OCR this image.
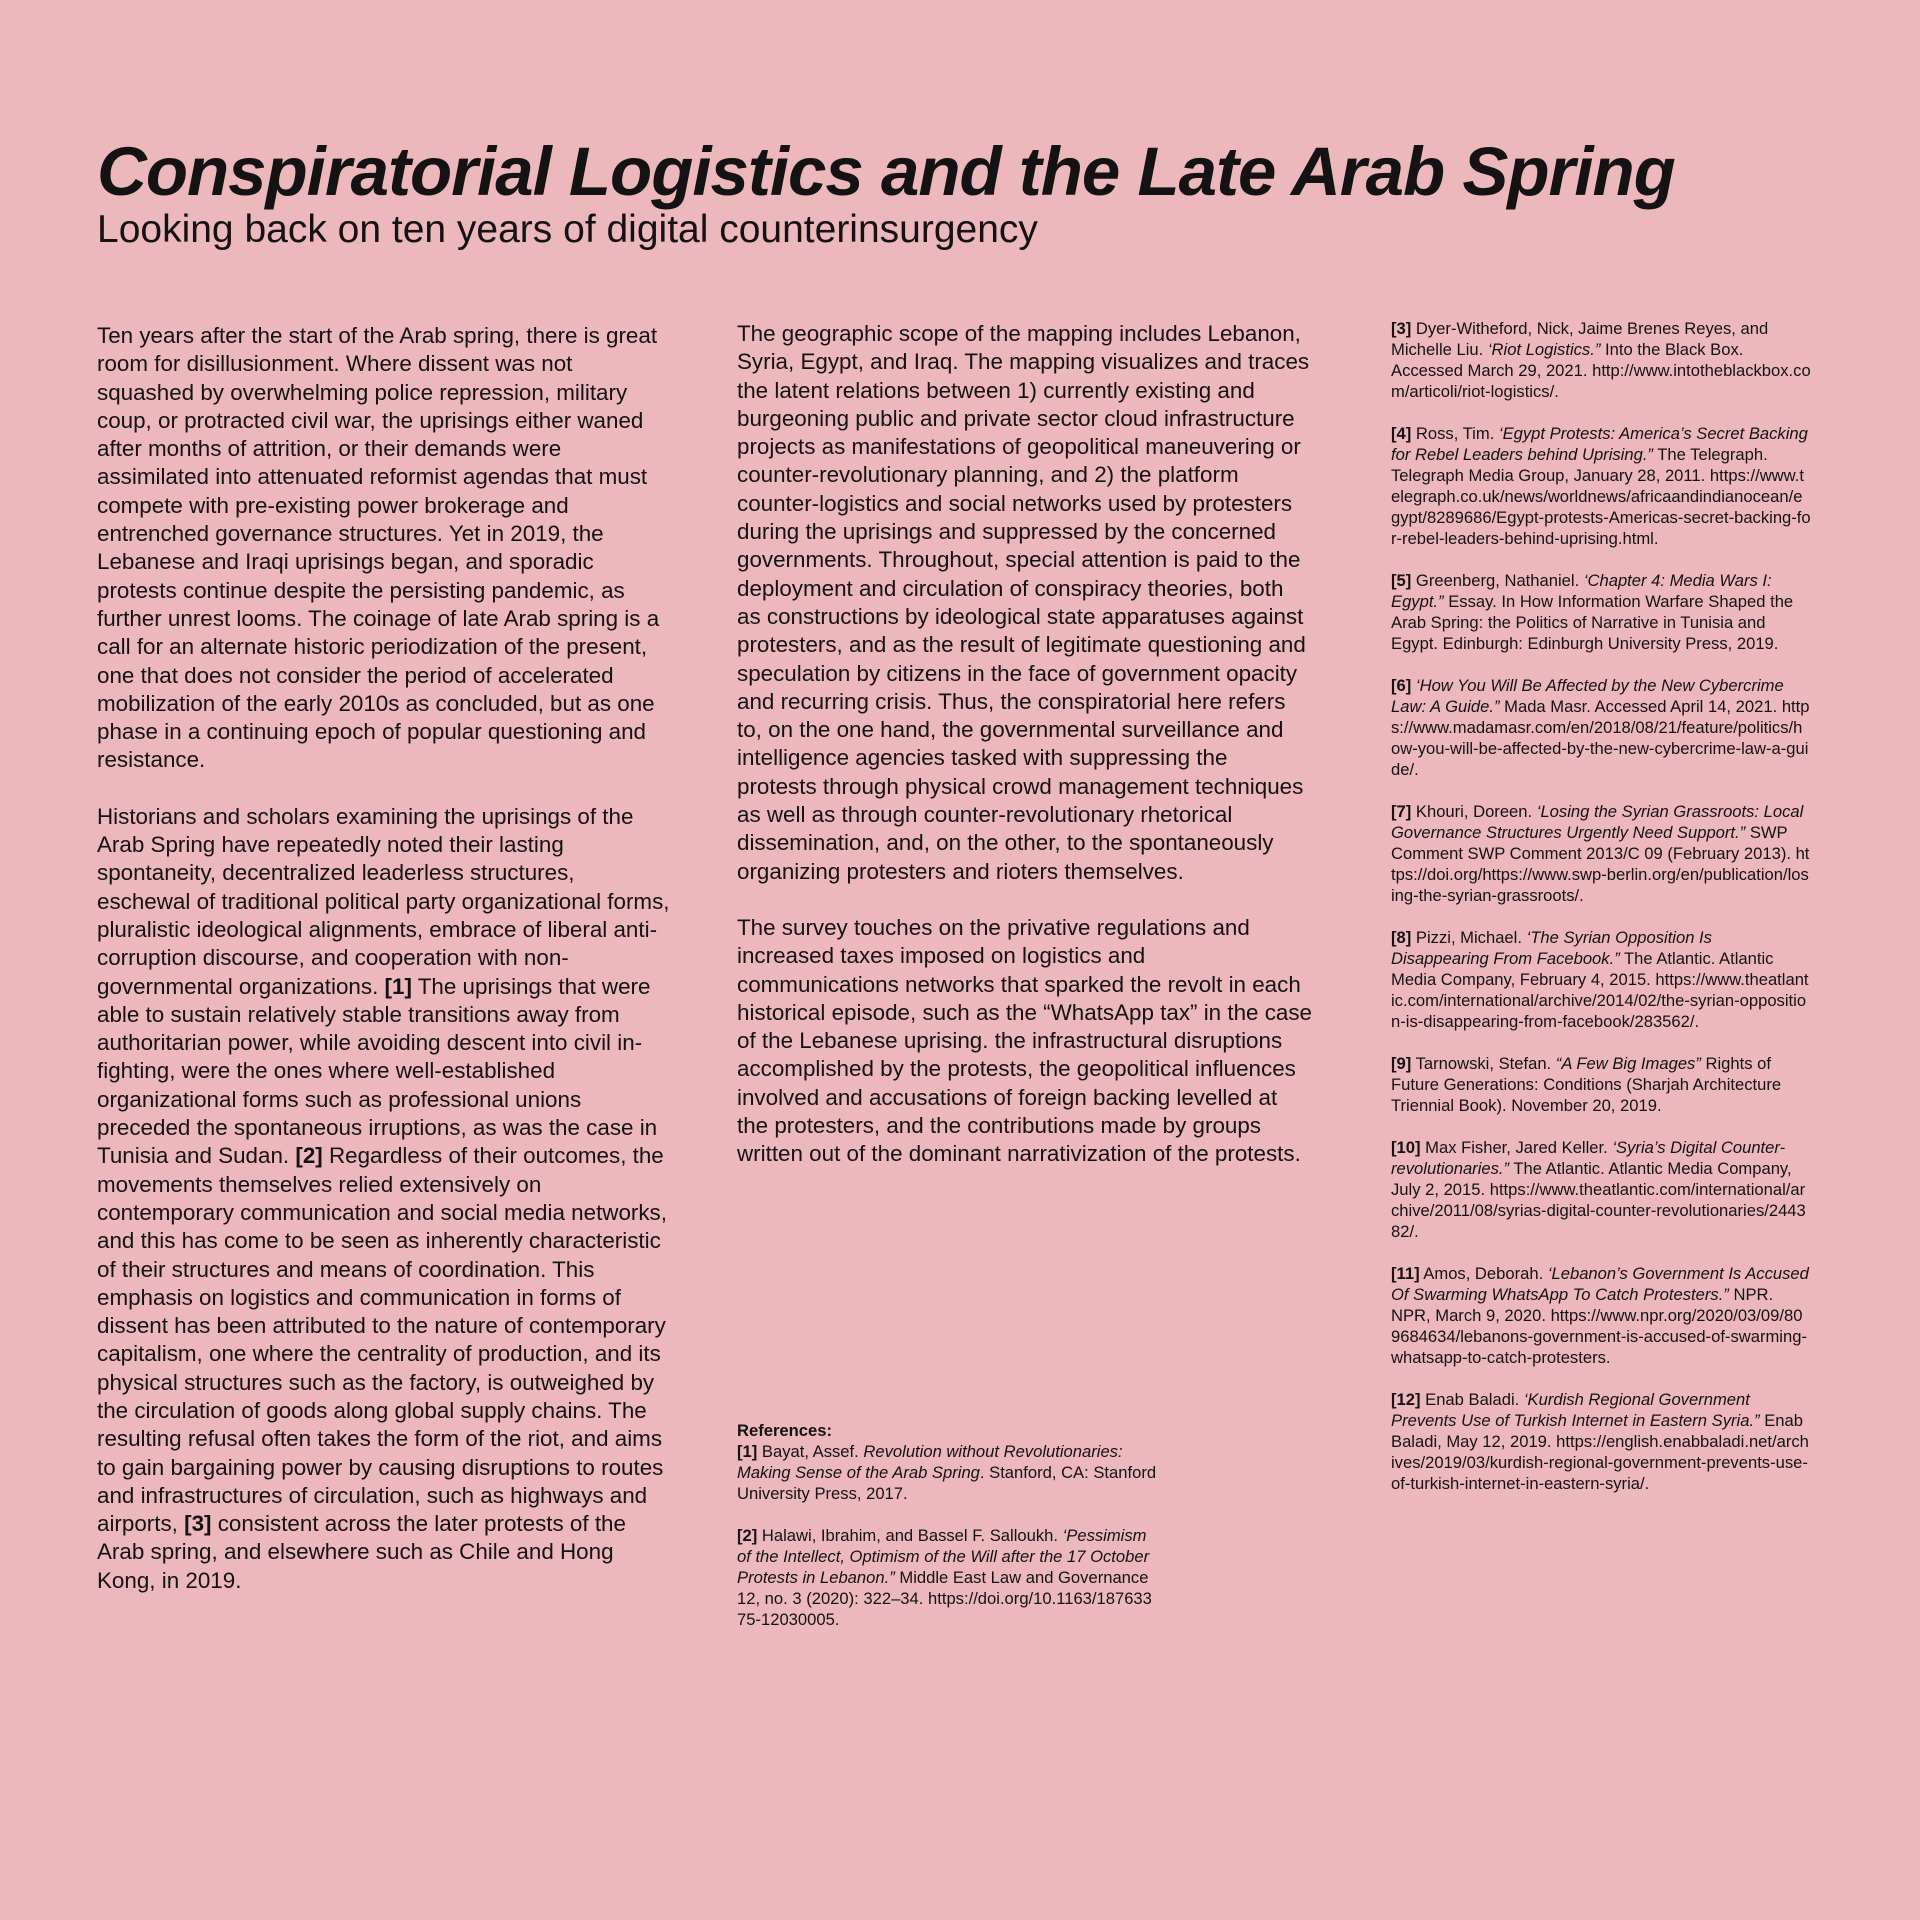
Conspiratorial Logistics and the Late Arab Spring
Looking back on ten years of digital counterinsurgency

Ten years after the start of the Arab spring, there is great room for disillusionment. Where dissent was not squashed by overwhelming police repression, military coup, or protracted civil war, the uprisings either waned after months of attrition, or their demands were assimilated into attenuated reformist agendas that must compete with pre-existing power brokerage and entrenched governance structures. Yet in 2019, the Lebanese and Iraqi uprisings began, and sporadic protests continue despite the persisting pandemic, as further unrest looms. The coinage of late Arab spring is a call for an alternate historic periodization of the present, one that does not consider the period of accelerated mobilization of the early 2010s as concluded, but as one phase in a continuing epoch of popular questioning and resistance.

Historians and scholars examining the uprisings of the Arab Spring have repeatedly noted their lasting spontaneity, decentralized leaderless structures, eschewal of traditional political party organizational forms, pluralistic ideological alignments, embrace of liberal anti-corruption discourse, and cooperation with non-governmental organizations. [1] The uprisings that were able to sustain relatively stable transitions away from authoritarian power, while avoiding descent into civil in-fighting, were the ones where well-established organizational forms such as professional unions preceded the spontaneous irruptions, as was the case in Tunisia and Sudan. [2] Regardless of their outcomes, the movements themselves relied extensively on contemporary communication and social media networks, and this has come to be seen as inherently characteristic of their structures and means of coordination. This emphasis on logistics and communication in forms of dissent has been attributed to the nature of contemporary capitalism, one where the centrality of production, and its physical structures such as the factory, is outweighed by the circulation of goods along global supply chains. The resulting refusal often takes the form of the riot, and aims to gain bargaining power by causing disruptions to routes and infrastructures of circulation, such as highways and airports, [3] consistent across the later protests of the Arab spring, and elsewhere such as Chile and Hong Kong, in 2019.

The geographic scope of the mapping includes Lebanon, Syria, Egypt, and Iraq. The mapping visualizes and traces the latent relations between 1) currently existing and burgeoning public and private sector cloud infrastructure projects as manifestations of geopolitical maneuvering or counter-revolutionary planning, and 2) the platform counter-logistics and social networks used by protesters during the uprisings and suppressed by the concerned governments. Throughout, special attention is paid to the deployment and circulation of conspiracy theories, both as constructions by ideological state apparatuses against protesters, and as the result of legitimate questioning and speculation by citizens in the face of government opacity and recurring crisis. Thus, the conspiratorial here refers to, on the one hand, the governmental surveillance and intelligence agencies tasked with suppressing the protests through physical crowd management techniques as well as through counter-revolutionary rhetorical dissemination, and, on the other, to the spontaneously organizing protesters and rioters themselves.

The survey touches on the privative regulations and increased taxes imposed on logistics and communications networks that sparked the revolt in each historical episode, such as the “WhatsApp tax” in the case of the Lebanese uprising. the infrastructural disruptions accomplished by the protests, the geopolitical influences involved and accusations of foreign backing levelled at the protesters, and the contributions made by groups written out of the dominant narrativization of the protests.

References:

[1] Bayat, Assef. Revolution without Revolutionaries: Making Sense of the Arab Spring. Stanford, CA: Stanford University Press, 2017.

[2] Halawi, Ibrahim, and Bassel F. Salloukh. ‘Pessimism of the Intellect, Optimism of the Will after the 17 October Protests in Lebanon.” Middle East Law and Governance 12, no. 3 (2020): 322–34. https://doi.org/10.1163/18763375-12030005.

[3] Dyer-Witheford, Nick, Jaime Brenes Reyes, and Michelle Liu. ‘Riot Logistics.” Into the Black Box. Accessed March 29, 2021. http://www.intotheblackbox.com/articoli/riot-logistics/.

[4] Ross, Tim. ‘Egypt Protests: America’s Secret Backing for Rebel Leaders behind Uprising.” The Telegraph. Telegraph Media Group, January 28, 2011. https://www.telegraph.co.uk/news/worldnews/africaandindianocean/egypt/8289686/Egypt-protests-Americas-secret-backing-for-rebel-leaders-behind-uprising.html.

[5] Greenberg, Nathaniel. ‘Chapter 4: Media Wars I: Egypt.” Essay. In How Information Warfare Shaped the Arab Spring: the Politics of Narrative in Tunisia and Egypt. Edinburgh: Edinburgh University Press, 2019.

[6] ‘How You Will Be Affected by the New Cybercrime Law: A Guide.” Mada Masr. Accessed April 14, 2021. https://www.madamasr.com/en/2018/08/21/feature/politics/how-you-will-be-affected-by-the-new-cybercrime-law-a-guide/.

[7] Khouri, Doreen. ‘Losing the Syrian Grassroots: Local Governance Structures Urgently Need Support.” SWP Comment SWP Comment 2013/C 09 (February 2013). https://doi.org/https://www.swp-berlin.org/en/publication/losing-the-syrian-grassroots/.

[8] Pizzi, Michael. ‘The Syrian Opposition Is Disappearing From Facebook.” The Atlantic. Atlantic Media Company, February 4, 2015. https://www.theatlantic.com/international/archive/2014/02/the-syrian-opposition-is-disappearing-from-facebook/283562/.

[9] Tarnowski, Stefan. “A Few Big Images” Rights of Future Generations: Conditions (Sharjah Architecture Triennial Book). November 20, 2019.

[10] Max Fisher, Jared Keller. ‘Syria’s Digital Counter-revolutionaries.” The Atlantic. Atlantic Media Company, July 2, 2015. https://www.theatlantic.com/international/archive/2011/08/syrias-digital-counter-revolutionaries/244382/.

[11] Amos, Deborah. ‘Lebanon’s Government Is Accused Of Swarming WhatsApp To Catch Protesters.” NPR. NPR, March 9, 2020. https://www.npr.org/2020/03/09/809684634/lebanons-government-is-accused-of-swarming-whatsapp-to-catch-protesters.

[12] Enab Baladi. ‘Kurdish Regional Government Prevents Use of Turkish Internet in Eastern Syria.” Enab Baladi, May 12, 2019. https://english.enabbaladi.net/archives/2019/03/kurdish-regional-government-prevents-use-of-turkish-internet-in-eastern-syria/.
